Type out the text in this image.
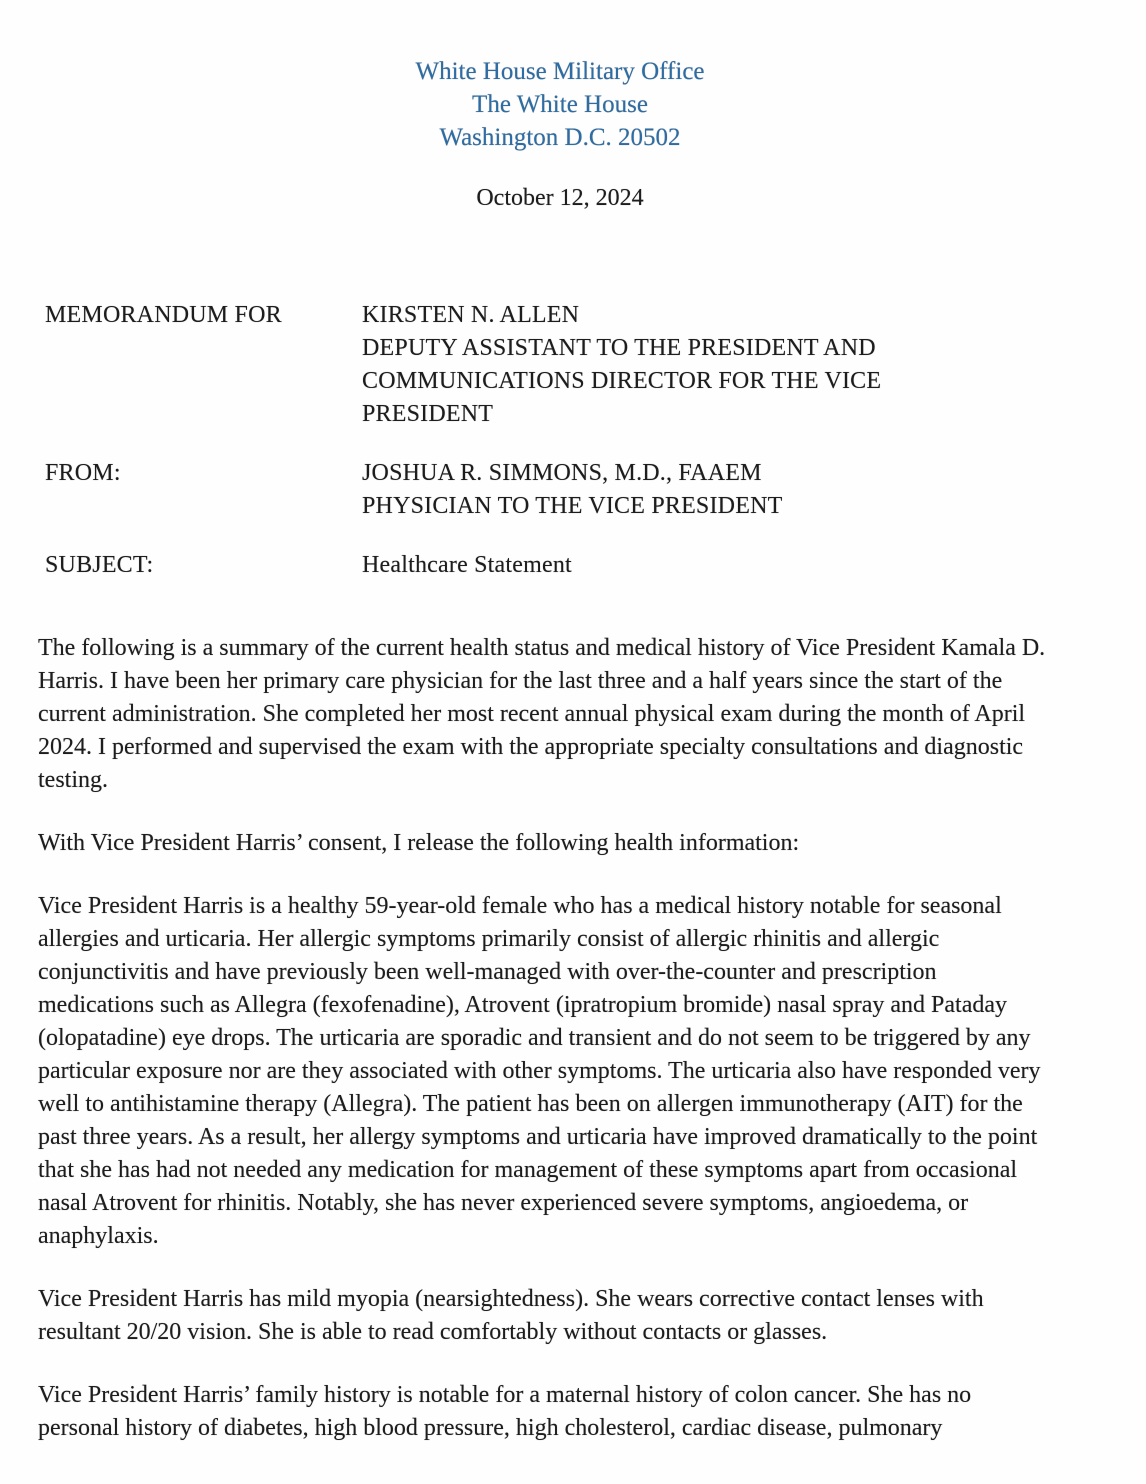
White House Military Office
The White House
Washington D.C. 20502
October 12, 2024
MEMORANDUM FOR	KIRSTEN N. ALLEN
DEPUTY ASSISTANT TO THE PRESIDENT AND
COMMUNICATIONS DIRECTOR FOR THE VICE
PRESIDENT
FROM:	JOSHUA R. SIMMONS, M.D., FAAEM
PHYSICIAN TO THE VICE PRESIDENT
SUBJECT:	Healthcare Statement

The following is a summary of the current health status and medical history of Vice President Kamala D. Harris. I have been her primary care physician for the last three and a half years since the start of the current administration. She completed her most recent annual physical exam during the month of April 2024. I performed and supervised the exam with the appropriate specialty consultations and diagnostic testing.

With Vice President Harris’ consent, I release the following health information:

Vice President Harris is a healthy 59-year-old female who has a medical history notable for seasonal allergies and urticaria. Her allergic symptoms primarily consist of allergic rhinitis and allergic conjunctivitis and have previously been well-managed with over-the-counter and prescription medications such as Allegra (fexofenadine), Atrovent (ipratropium bromide) nasal spray and Pataday (olopatadine) eye drops. The urticaria are sporadic and transient and do not seem to be triggered by any particular exposure nor are they associated with other symptoms. The urticaria also have responded very well to antihistamine therapy (Allegra). The patient has been on allergen immunotherapy (AIT) for the past three years. As a result, her allergy symptoms and urticaria have improved dramatically to the point that she has had not needed any medication for management of these symptoms apart from occasional nasal Atrovent for rhinitis. Notably, she has never experienced severe symptoms, angioedema, or anaphylaxis.

Vice President Harris has mild myopia (nearsightedness). She wears corrective contact lenses with resultant 20/20 vision. She is able to read comfortably without contacts or glasses.

Vice President Harris’ family history is notable for a maternal history of colon cancer. She has no personal history of diabetes, high blood pressure, high cholesterol, cardiac disease, pulmonary
